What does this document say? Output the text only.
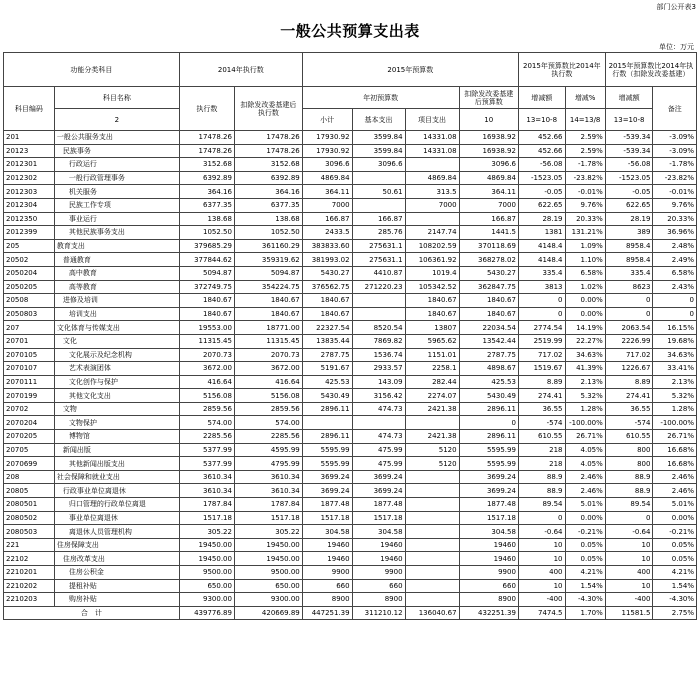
部门公开表3
一般公共预算支出表
单位：万元
功能分类科目		2014年执行数		2015年预算数				2015年预算数比2014年执行数		2015年预算数比2014年执行数（扣除发改委基建）	
科目编码	科目名称	执行数	扣除发改委基建后执行数	年初预算数			扣除发改委基建后预算数	增减额	增减%	增减额	备注
	2			小计	基本支出	项目支出	10	13=10-8	14=13/8	13=10-8	
201	一般公共服务支出	17478.26	17478.26	17930.92	3599.84	14331.08	16938.92	452.66	2.59%	-539.34	-3.09%
20123	民族事务	17478.26	17478.26	17930.92	3599.84	14331.08	16938.92	452.66	2.59%	-539.34	-3.09%
2012301	行政运行	3152.68	3152.68	3096.6	3096.6		3096.6	-56.08	-1.78%	-56.08	-1.78%
2012302	一般行政管理事务	6392.89	6392.89	4869.84		4869.84	4869.84	-1523.05	-23.82%	-1523.05	-23.82%
2012303	机关服务	364.16	364.16	364.11	50.61	313.5	364.11	-0.05	-0.01%	-0.05	-0.01%
2012304	民族工作专项	6377.35	6377.35	7000		7000	7000	622.65	9.76%	622.65	9.76%
2012350	事业运行	138.68	138.68	166.87	166.87		166.87	28.19	20.33%	28.19	20.33%
2012399	其他民族事务支出	1052.50	1052.50	2433.5	285.76	2147.74	1441.5	1381	131.21%	389	36.96%
205	教育支出	379685.29	361160.29	383833.60	275631.1	108202.59	370118.69	4148.4	1.09%	8958.4	2.48%
20502	普通教育	377844.62	359319.62	381993.02	275631.1	106361.92	368278.02	4148.4	1.10%	8958.4	2.49%
2050204	高中教育	5094.87	5094.87	5430.27	4410.87	1019.4	5430.27	335.4	6.58%	335.4	6.58%
2050205	高等教育	372749.75	354224.75	376562.75	271220.23	105342.52	362847.75	3813	1.02%	8623	2.43%
20508	进修及培训	1840.67	1840.67	1840.67		1840.67	1840.67	0	0.00%	0	0
2050803	培训支出	1840.67	1840.67	1840.67		1840.67	1840.67	0	0.00%	0	0
207	文化体育与传媒支出	19553.00	18771.00	22327.54	8520.54	13807	22034.54	2774.54	14.19%	2063.54	16.15%
20701	文化	11315.45	11315.45	13835.44	7869.82	5965.62	13542.44	2519.99	22.27%	2226.99	19.68%
2070105	文化展示及纪念机构	2070.73	2070.73	2787.75	1536.74	1151.01	2787.75	717.02	34.63%	717.02	34.63%
2070107	艺术表演团体	3672.00	3672.00	5191.67	2933.57	2258.1	4898.67	1519.67	41.39%	1226.67	33.41%
2070111	文化创作与保护	416.64	416.64	425.53	143.09	282.44	425.53	8.89	2.13%	8.89	2.13%
2070199	其他文化支出	5156.08	5156.08	5430.49	3156.42	2274.07	5430.49	274.41	5.32%	274.41	5.32%
20702	文物	2859.56	2859.56	2896.11	474.73	2421.38	2896.11	36.55	1.28%	36.55	1.28%
2070204	文物保护	574.00	574.00				0	-574	-100.00%	-574	-100.00%
2070205	博物馆	2285.56	2285.56	2896.11	474.73	2421.38	2896.11	610.55	26.71%	610.55	26.71%
20705	新闻出版	5377.99	4595.99	5595.99	475.99	5120	5595.99	218	4.05%	800	16.68%
2070699	其他新闻出版支出	5377.99	4795.99	5595.99	475.99	5120	5595.99	218	4.05%	800	16.68%
208	社会保障和就业支出	3610.34	3610.34	3699.24	3699.24		3699.24	88.9	2.46%	88.9	2.46%
20805	行政事业单位离退休	3610.34	3610.34	3699.24	3699.24		3699.24	88.9	2.46%	88.9	2.46%
2080501	归口管理的行政单位离退	1787.84	1787.84	1877.48	1877.48		1877.48	89.54	5.01%	89.54	5.01%
2080502	事业单位离退休	1517.18	1517.18	1517.18	1517.18		1517.18	0	0.00%	0	0.00%
2080503	离退休人员管理机构	305.22	305.22	304.58	304.58		304.58	-0.64	-0.21%	-0.64	-0.21%
221	住房保障支出	19450.00	19450.00	19460	19460		19460	10	0.05%	10	0.05%
22102	住房改革支出	19450.00	19450.00	19460	19460		19460	10	0.05%	10	0.05%
2210201	住房公积金	9500.00	9500.00	9900	9900		9900	400	4.21%	400	4.21%
2210202	提租补贴	650.00	650.00	660	660		660	10	1.54%	10	1.54%
2210203	购房补贴	9300.00	9300.00	8900	8900		8900	-400	-4.30%	-400	-4.30%
合　计		439776.89	420669.89	447251.39	311210.12	136040.67	432251.39	7474.5	1.70%	11581.5	2.75%
